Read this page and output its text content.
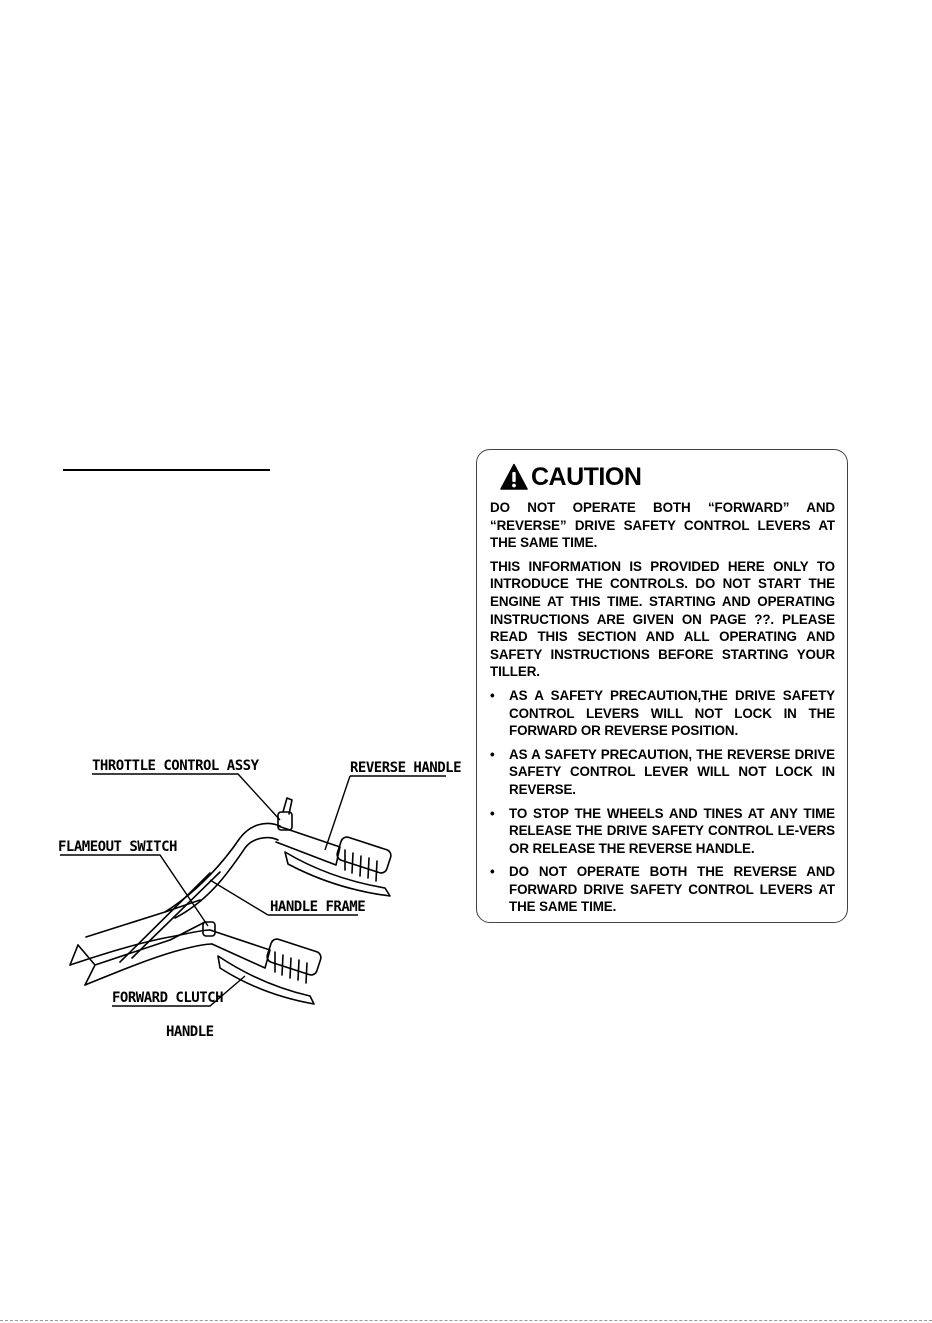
THROTTLE CONTROL ASSY	REVERSE HANDLE
FLAMEOUT SWITCH
HANDLE FRAME
FORWARD CLUTCH
HANDLE
CAUTION

DO NOT OPERATE BOTH “FORWARD” AND “REVERSE” DRIVE SAFETY CONTROL LEVERS AT THE SAME TIME.

THIS INFORMATION IS PROVIDED HERE ONLY TO INTRODUCE THE CONTROLS. DO NOT START THE ENGINE AT THIS TIME. STARTING AND OPERATING INSTRUCTIONS ARE GIVEN ON PAGE ??. PLEASE READ THIS SECTION AND ALL OPERATING AND SAFETY INSTRUCTIONS BEFORE STARTING YOUR TILLER.

•	AS A SAFETY PRECAUTION,THE DRIVE SAFETY CONTROL LEVERS WILL NOT LOCK IN THE FORWARD OR REVERSE POSITION.
•	AS A SAFETY PRECAUTION, THE REVERSE DRIVE SAFETY CONTROL LEVER WILL NOT LOCK IN REVERSE.
•	TO STOP THE WHEELS AND TINES AT ANY TIME RELEASE THE DRIVE SAFETY CONTROL LE-VERS OR RELEASE THE REVERSE HANDLE.
•	DO NOT OPERATE BOTH THE REVERSE AND FORWARD DRIVE SAFETY CONTROL LEVERS AT THE SAME TIME.
